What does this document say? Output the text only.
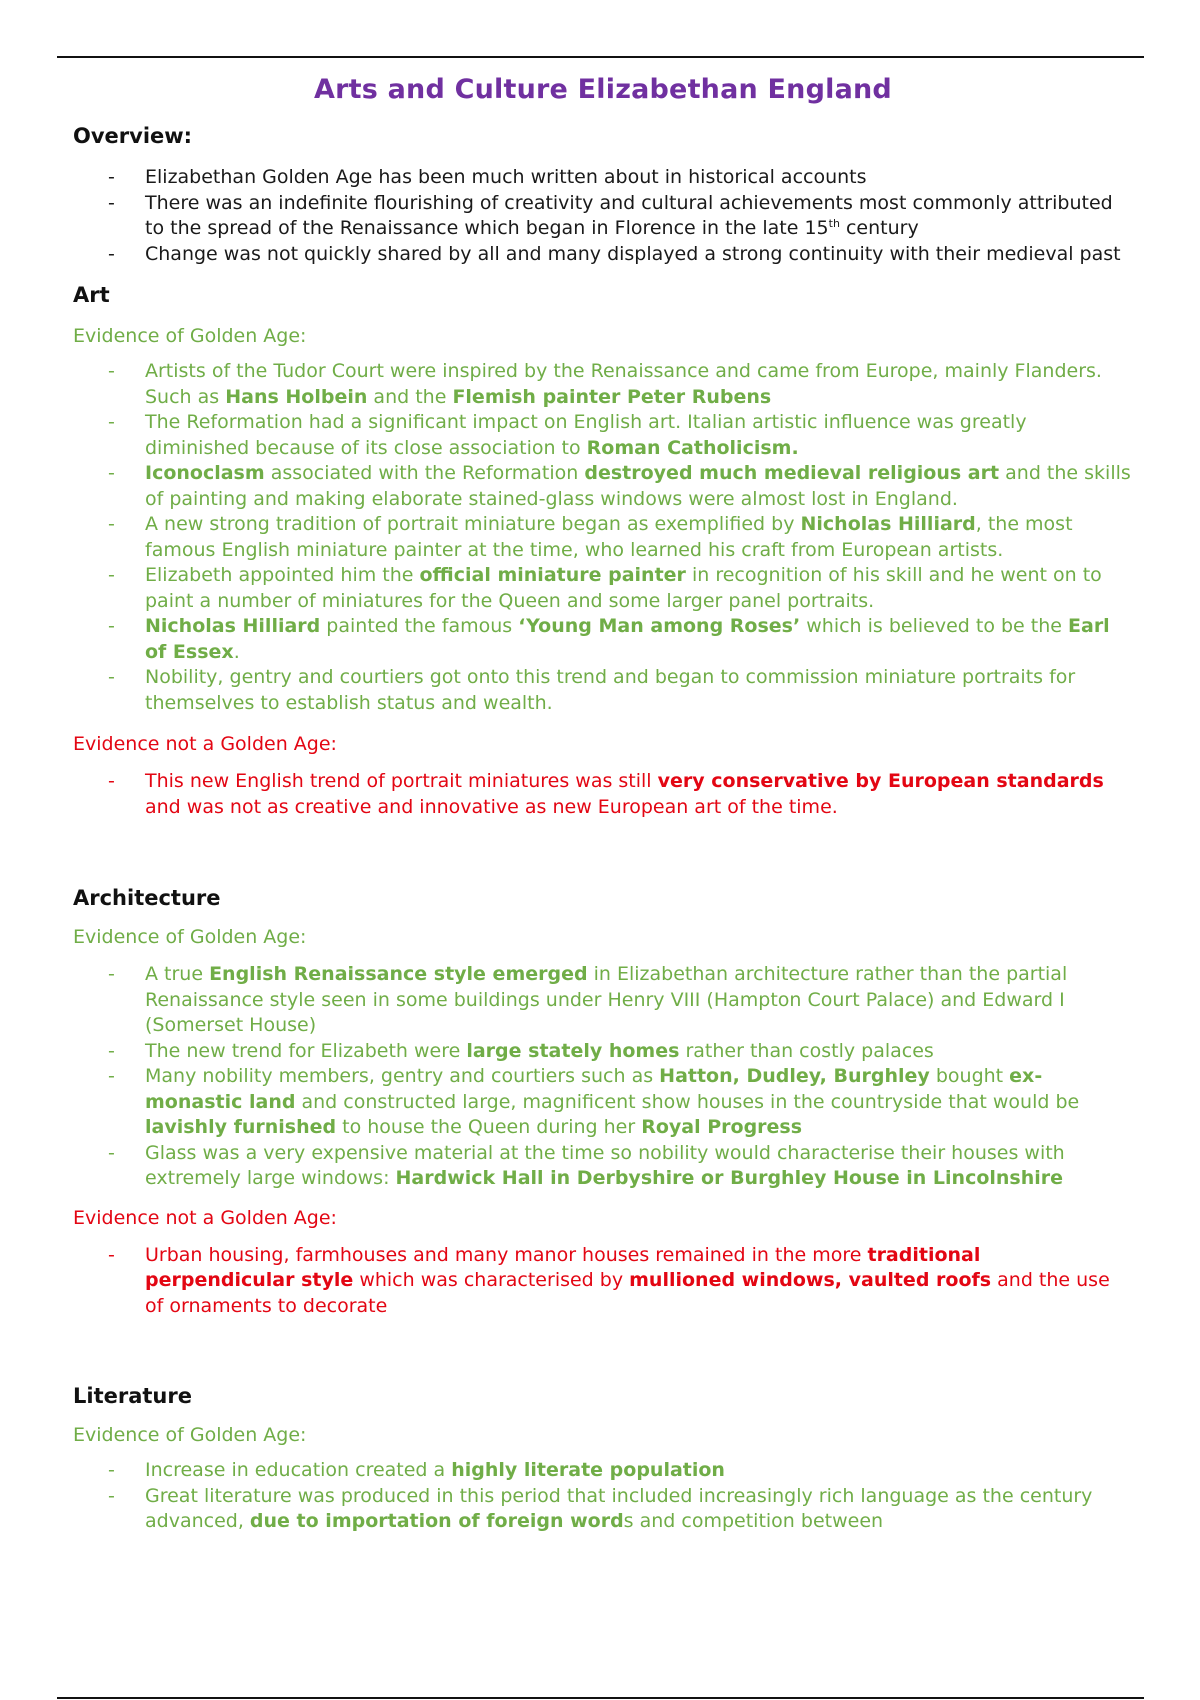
Arts and Culture Elizabethan England
Overview:
- Elizabethan Golden Age has been much written about in historical accounts
- There was an indefinite flourishing of creativity and cultural achievements most commonly attributed to the spread of the Renaissance which began in Florence in the late 15th century
- Change was not quickly shared by all and many displayed a strong continuity with their medieval past
Art

Evidence of Golden Age:

- Artists of the Tudor Court were inspired by the Renaissance and came from Europe, mainly Flanders. Such as Hans Holbein and the Flemish painter Peter Rubens
- The Reformation had a significant impact on English art. Italian artistic influence was greatly diminished because of its close association to Roman Catholicism.
- Iconoclasm associated with the Reformation destroyed much medieval religious art and the skills of painting and making elaborate stained-glass windows were almost lost in England.
- A new strong tradition of portrait miniature began as exemplified by Nicholas Hilliard, the most famous English miniature painter at the time, who learned his craft from European artists.
- Elizabeth appointed him the official miniature painter in recognition of his skill and he went on to paint a number of miniatures for the Queen and some larger panel portraits.
- Nicholas Hilliard painted the famous ‘Young Man among Roses’ which is believed to be the Earl of Essex.
- Nobility, gentry and courtiers got onto this trend and began to commission miniature portraits for themselves to establish status and wealth.

Evidence not a Golden Age:

- This new English trend of portrait miniatures was still very conservative by European standards and was not as creative and innovative as new European art of the time.
Architecture

Evidence of Golden Age:

- A true English Renaissance style emerged in Elizabethan architecture rather than the partial Renaissance style seen in some buildings under Henry VIII (Hampton Court Palace) and Edward I (Somerset House)
- The new trend for Elizabeth were large stately homes rather than costly palaces
- Many nobility members, gentry and courtiers such as Hatton, Dudley, Burghley bought ex-monastic land and constructed large, magnificent show houses in the countryside that would be lavishly furnished to house the Queen during her Royal Progress
- Glass was a very expensive material at the time so nobility would characterise their houses with extremely large windows: Hardwick Hall in Derbyshire or Burghley House in Lincolnshire

Evidence not a Golden Age:

- Urban housing, farmhouses and many manor houses remained in the more traditional perpendicular style which was characterised by mullioned windows, vaulted roofs and the use of ornaments to decorate
Literature

Evidence of Golden Age:

- Increase in education created a highly literate population
- Great literature was produced in this period that included increasingly rich language as the century advanced, due to importation of foreign words and competition between
